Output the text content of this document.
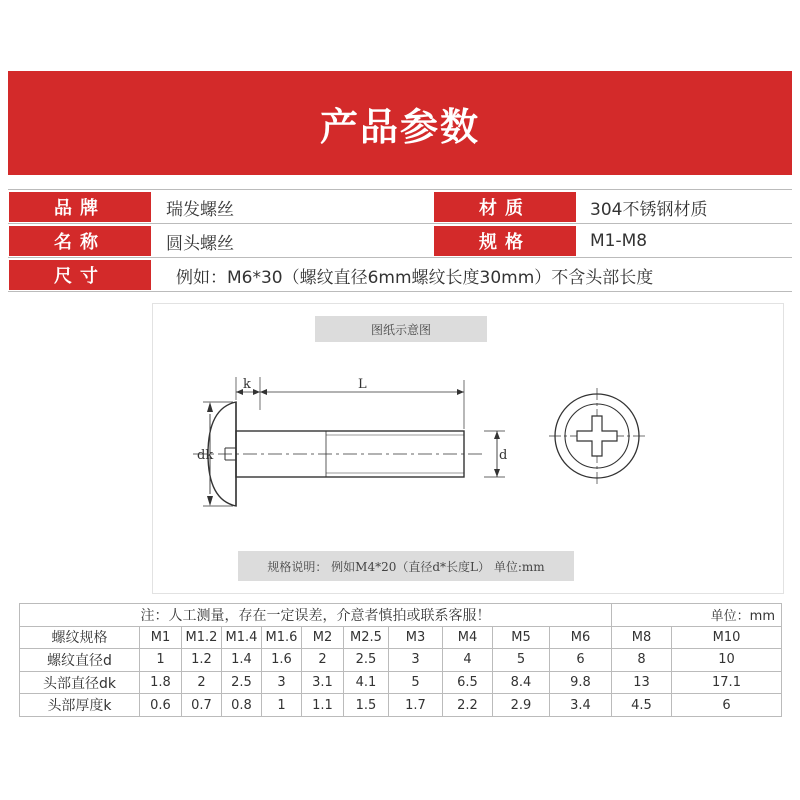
产品参数
品牌	瑞发螺丝	材质	304不锈钢材质
名称	圆头螺丝	规格	M1-M8
尺寸	例如：M6*30（螺纹直径6mm螺纹长度30mm）不含头部长度
图纸示意图
k	L
dk	d
规格说明： 例如M4*20（直径d*长度L） 单位:mm
注：人工测量，存在一定误差，介意者慎拍或联系客服！											单位：mm	
螺纹规格	M1	M1.2	M1.4	M1.6	M2	M2.5	M3	M4	M5	M6	M8	M10
螺纹直径d	1	1.2	1.4	1.6	2	2.5	3	4	5	6	8	10
头部直径dk	1.8	2	2.5	3	3.1	4.1	5	6.5	8.4	9.8	13	17.1
头部厚度k	0.6	0.7	0.8	1	1.1	1.5	1.7	2.2	2.9	3.4	4.5	6
